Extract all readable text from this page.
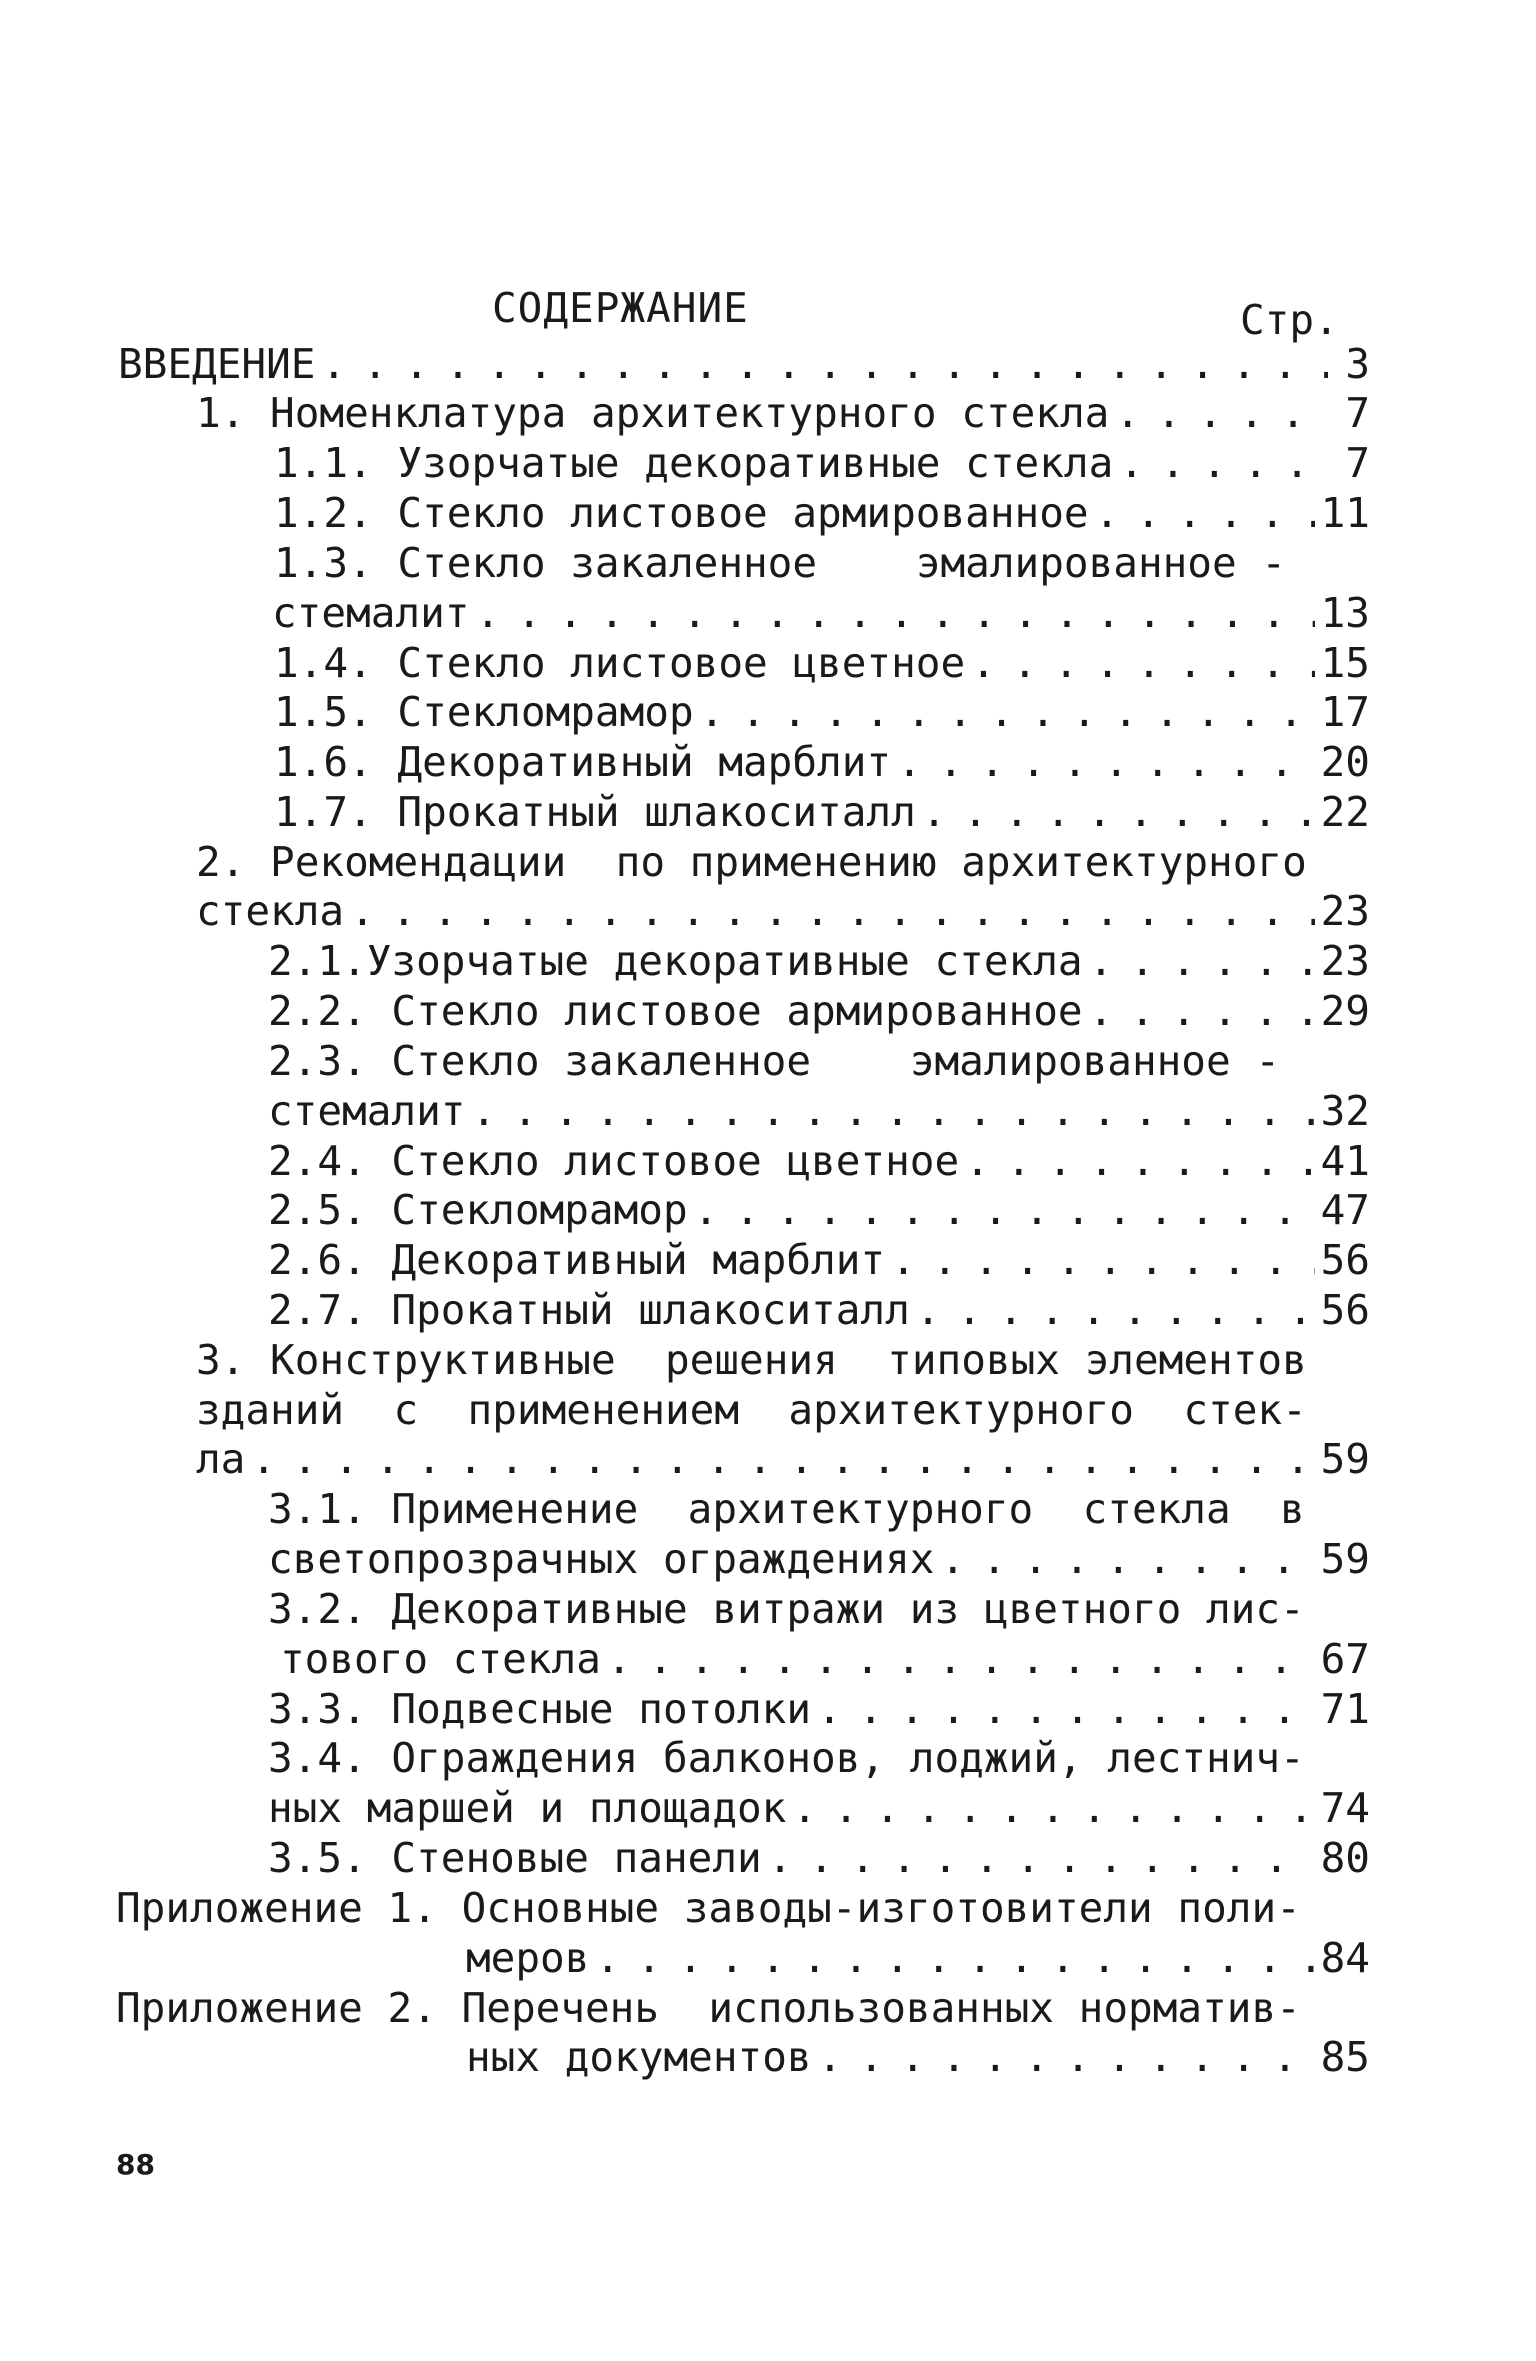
СОДЕРЖАНИЕ	Стр.
ВВЕДЕНИЕ . . .	3
1. Номенклатура архитектурного стекла . . .	7
1.1. Узорчатые декоративные стекла . . .	7
1.2. Стекло листовое армированное . . .	11
1.3. Стекло закаленное    эмалированное -
стемалит . . .	13
1.4. Стекло листовое цветное . . .	15
1.5. Стекломрамор . . .	17
1.6. Декоративный марблит . . .	20
1.7. Прокатный шлакоситалл . . .	22
2. Рекомендации  по применению архитектурного
стекла . . .	23
2.1.Узорчатые декоративные стекла . . .	23
2.2. Стекло листовое армированное . . .	29
2.3. Стекло закаленное    эмалированное -
стемалит . . .	32
2.4. Стекло листовое цветное . . .	41
2.5. Стекломрамор . . .	47
2.6. Декоративный марблит . . .	56
2.7. Прокатный шлакоситалл . . .	56
3. Конструктивные  решения  типовых элементов
зданий  с  применением  архитектурного  стек-
ла . . .	59
3.1. Применение  архитектурного  стекла  в
светопрозрачных ограждениях . . .	59
3.2. Декоративные витражи из цветного лис-
тового стекла . . .	67
3.3. Подвесные потолки . . .	71
3.4. Ограждения балконов, лоджий, лестнич-
ных маршей и площадок . . .	74
3.5. Стеновые панели . . .	80
Приложение 1. Основные заводы-изготовители поли-
меров . . .	84
Приложение 2. Перечень  использованных норматив-
ных документов . . .	85
88
